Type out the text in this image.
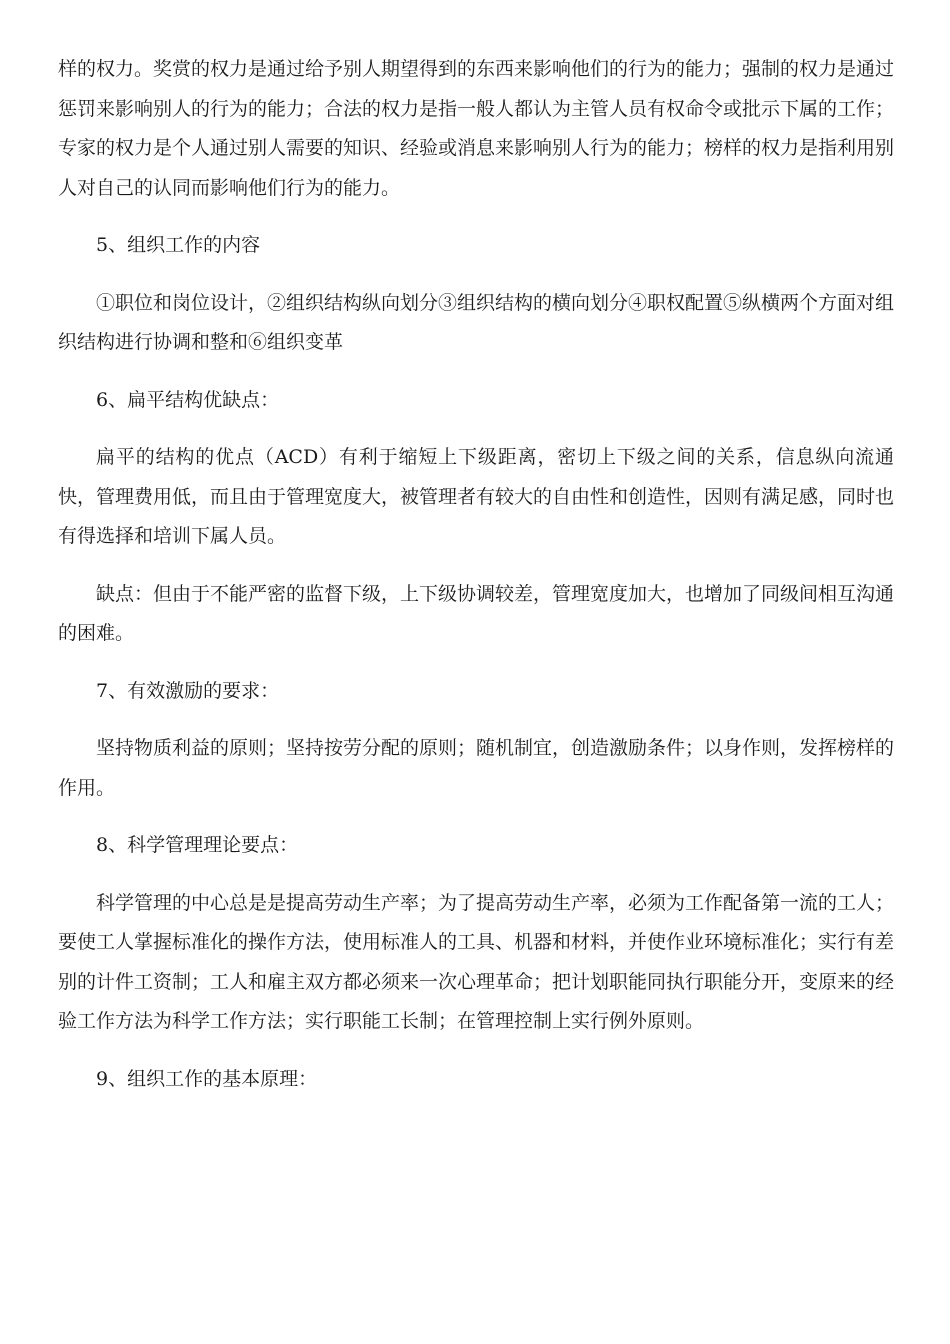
样的权力。奖赏的权力是通过给予别人期望得到的东西来影响他们的行为的能力；强制的权力是通过惩罚来影响别人的行为的能力；合法的权力是指一般人都认为主管人员有权命令或批示下属的工作；专家的权力是个人通过别人需要的知识、经验或消息来影响别人行为的能力；榜样的权力是指利用别人对自己的认同而影响他们行为的能力。

5、组织工作的内容

①职位和岗位设计，②组织结构纵向划分③组织结构的横向划分④职权配置⑤纵横两个方面对组织结构进行协调和整和⑥组织变革

6、扁平结构优缺点：

扁平的结构的优点（ACD）有利于缩短上下级距离，密切上下级之间的关系，信息纵向流通快，管理费用低，而且由于管理宽度大，被管理者有较大的自由性和创造性，因则有满足感，同时也有得选择和培训下属人员。

缺点：但由于不能严密的监督下级，上下级协调较差，管理宽度加大，也增加了同级间相互沟通的困难。

7、有效激励的要求：

坚持物质利益的原则；坚持按劳分配的原则；随机制宜，创造激励条件；以身作则，发挥榜样的作用。

8、科学管理理论要点：

科学管理的中心总是是提高劳动生产率；为了提高劳动生产率，必须为工作配备第一流的工人；要使工人掌握标准化的操作方法，使用标准人的工具、机器和材料，并使作业环境标准化；实行有差别的计件工资制；工人和雇主双方都必须来一次心理革命；把计划职能同执行职能分开，变原来的经验工作方法为科学工作方法；实行职能工长制；在管理控制上实行例外原则。

9、组织工作的基本原理：
